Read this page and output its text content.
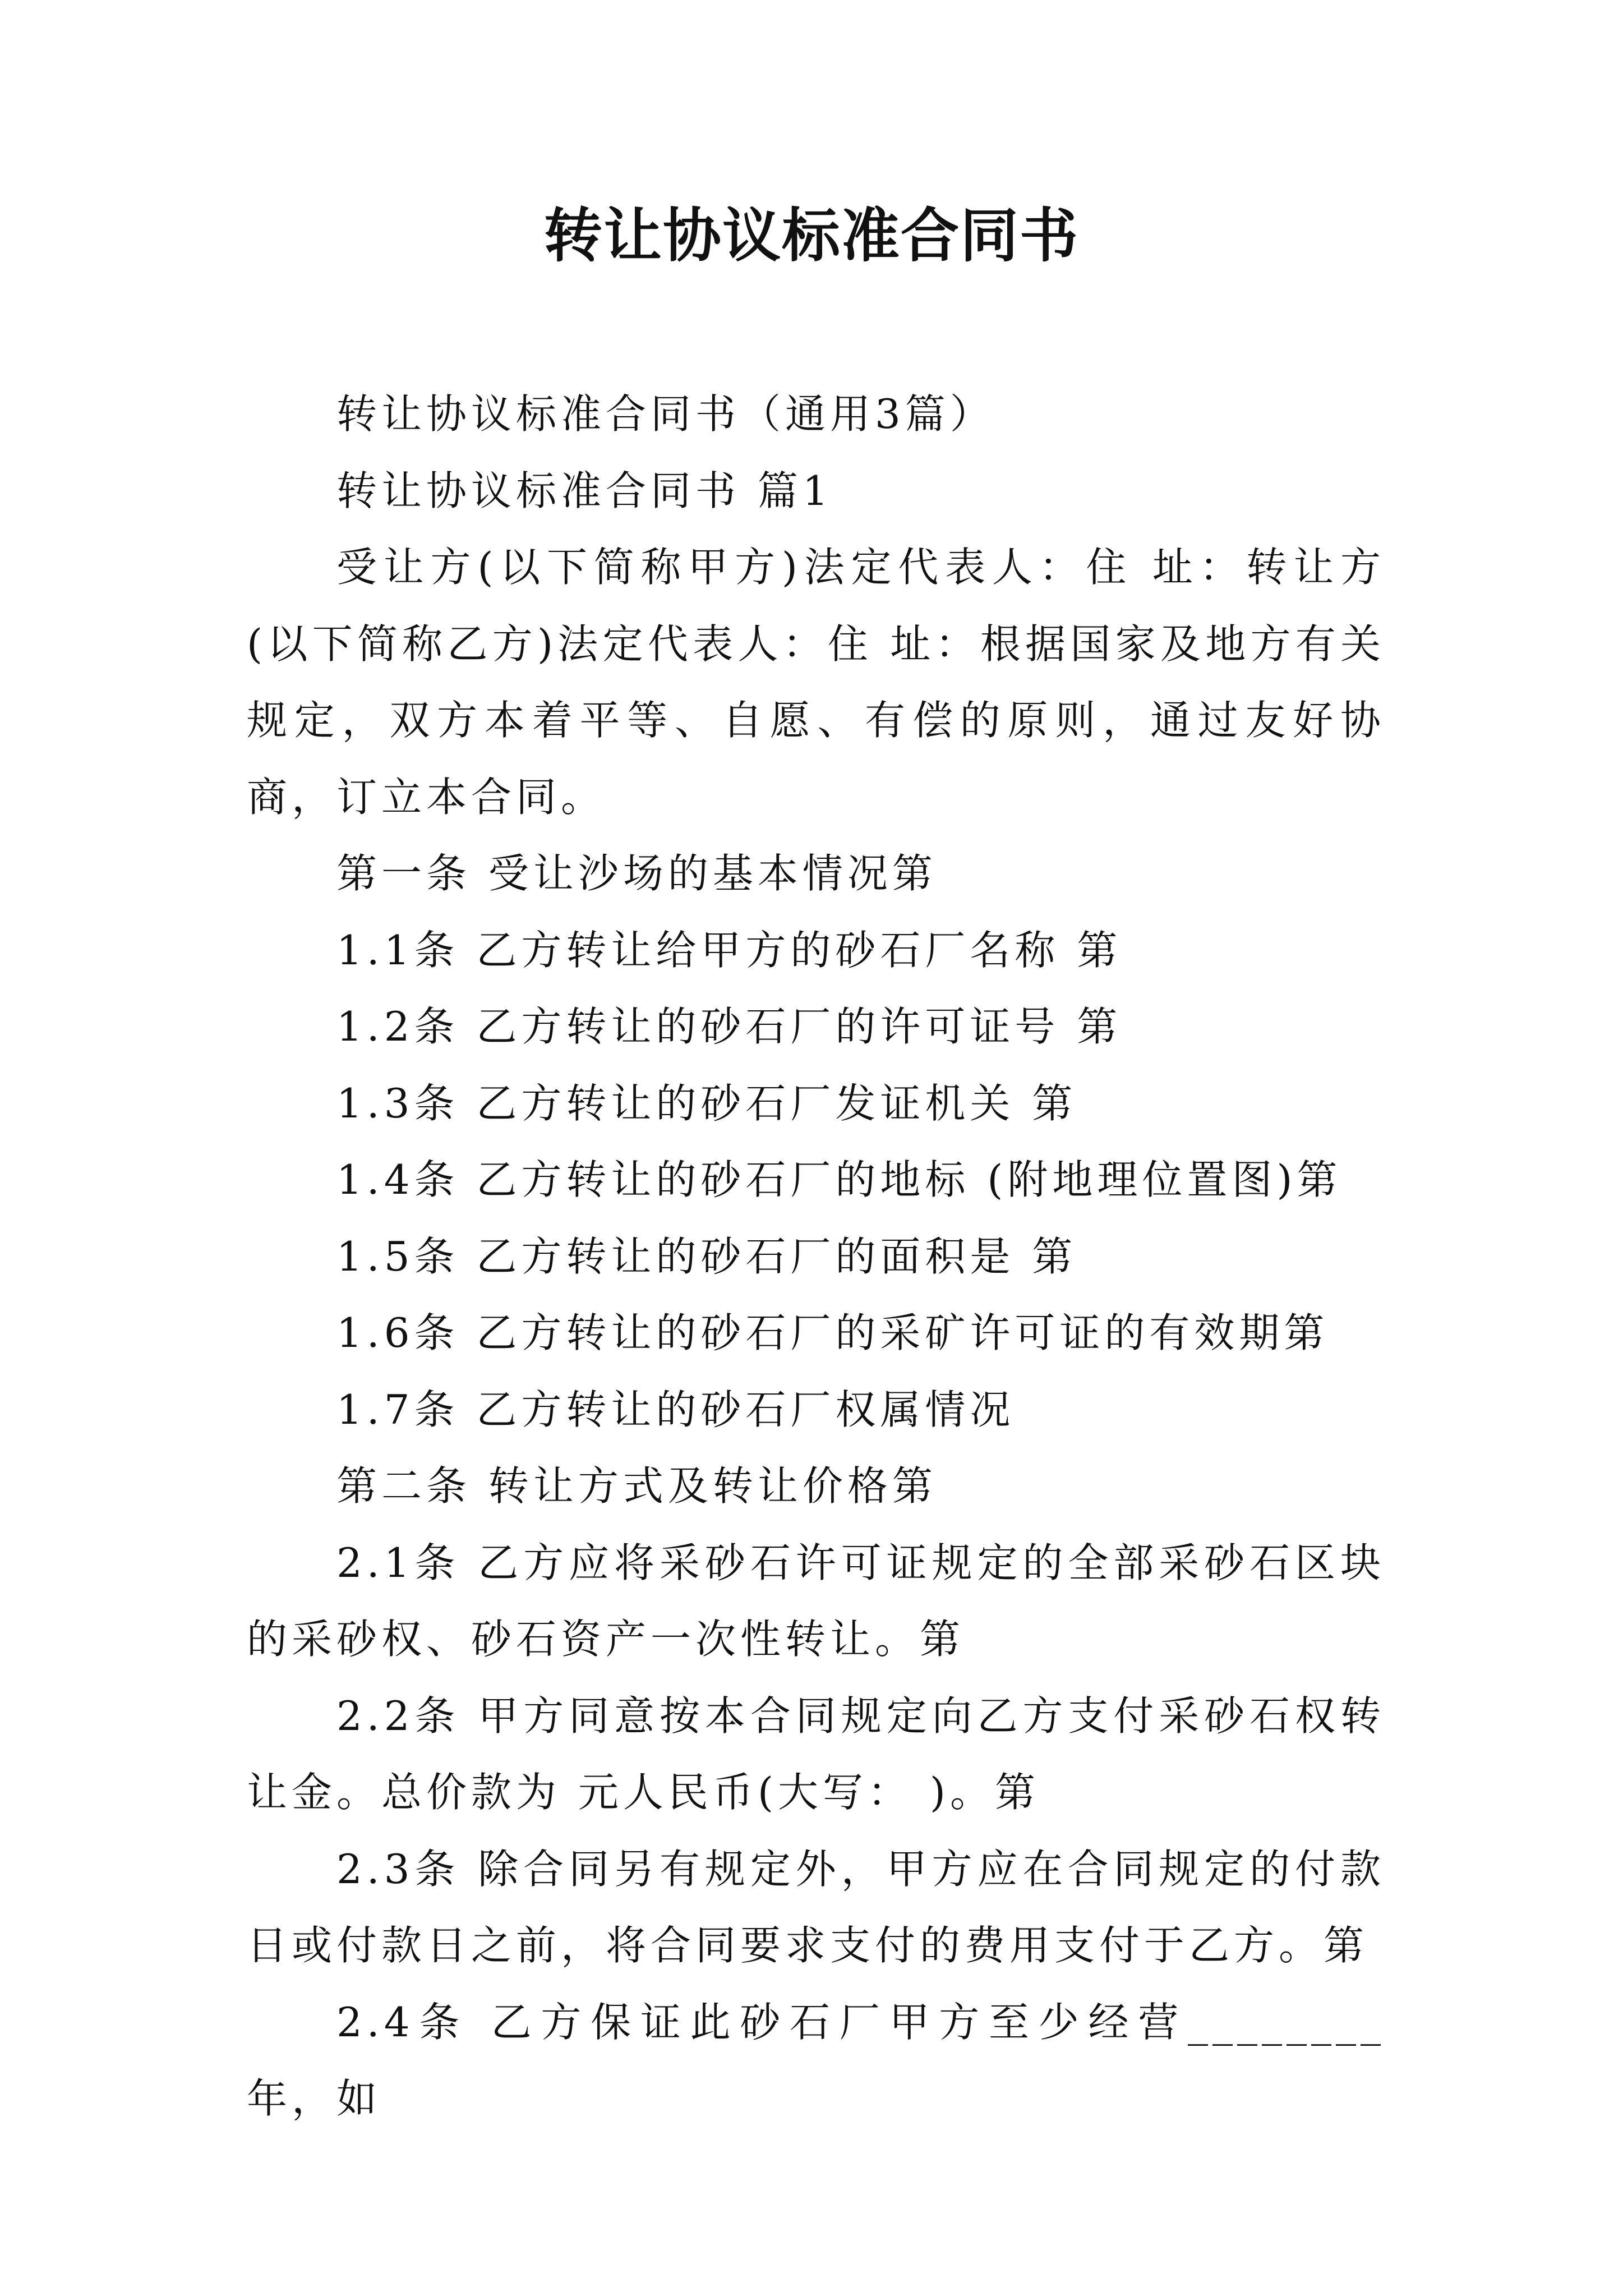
转让协议标准合同书

转让协议标准合同书（通用3篇）

转让协议标准合同书 篇1

受让方(以下简称甲方)法定代表人：住 址：转让方(以下简称乙方)法定代表人：住 址：根据国家及地方有关规定，双方本着平等、自愿、有偿的原则，通过友好协商，订立本合同。

第一条 受让沙场的基本情况第

1.1条 乙方转让给甲方的砂石厂名称 第

1.2条 乙方转让的砂石厂的许可证号 第

1.3条 乙方转让的砂石厂发证机关 第

1.4条 乙方转让的砂石厂的地标 (附地理位置图)第

1.5条 乙方转让的砂石厂的面积是 第

1.6条 乙方转让的砂石厂的采矿许可证的有效期第

1.7条 乙方转让的砂石厂权属情况

第二条 转让方式及转让价格第

2.1条 乙方应将采砂石许可证规定的全部采砂石区块的采砂权、砂石资产一次性转让。第

2.2条 甲方同意按本合同规定向乙方支付采砂石权转让金。总价款为 元人民币(大写： )。第

2.3条 除合同另有规定外，甲方应在合同规定的付款日或付款日之前，将合同要求支付的费用支付于乙方。第

2.4条 乙方保证此砂石厂甲方至少经营________年，如
